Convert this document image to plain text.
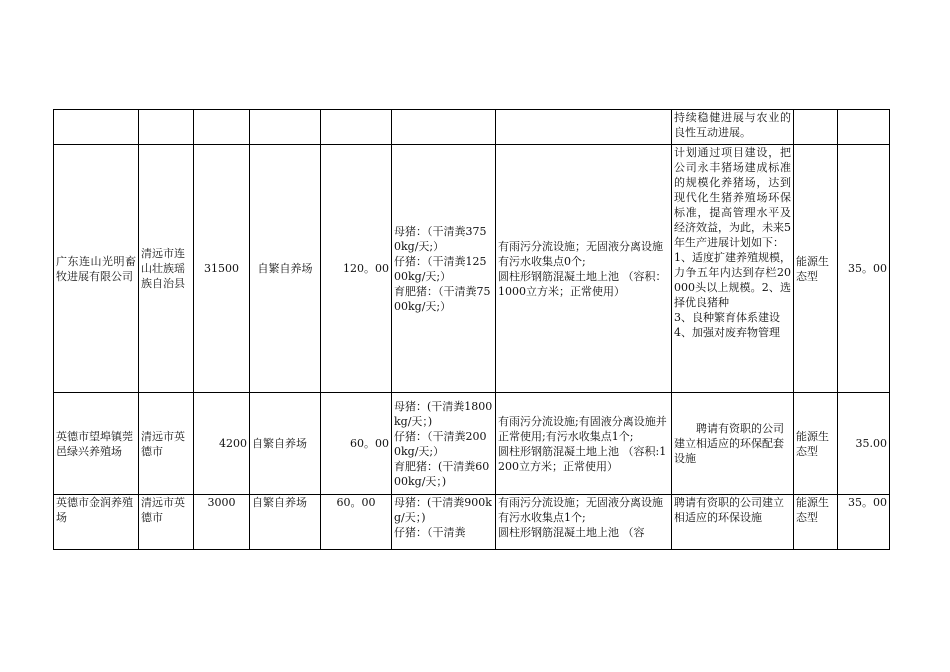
							持续稳健进展与农业的良性互动进展。		
广东连山光明畜牧进展有限公司	清远市连山壮族瑶族自治县	31500	自繁自养场	120。00	母猪：（干清粪3750kg/天;）
仔猪：（干清粪12500kg/天;）
育肥猪：（干清粪7500kg/天;）	有雨污分流设施；无固液分离设施有污水收集点0个;
圆柱形钢筋混凝土地上池 （容积：1000立方米；正常使用）	计划通过项目建设，把公司永丰猪场建成标准的规模化养猪场，达到现代化生猪养殖场环保标准，提高管理水平及经济效益，为此，未来5年生产进展计划如下：
1、适度扩建养殖规模，力争五年内达到存栏20000头以上规模。2、选择优良猪种
3、良种繁育体系建设
4、加强对废弃物管理	能源生态型	35。00
英德市望埠镇莞邑绿兴养殖场	清远市英德市	4200	自繁自养场	60。00	母猪：(干清粪1800kg/天；)
仔猪：（干清粪2000kg/天;）
育肥猪：(干清粪6000kg/天；)	有雨污分流设施;有固液分离设施并正常使用;有污水收集点1个;
圆柱形钢筋混凝土地上池 （容积:1200立方米；正常使用）	聘请有资职的公司建立相适应的环保配套设施	能源生态型	35.00
英德市金润养殖场	清远市英德市	3000	自繁自养场	60。00	母猪：(干清粪900kg/天；)
仔猪：（干清粪	有雨污分流设施；无固液分离设施有污水收集点1个;
圆柱形钢筋混凝土地上池 （容	聘请有资职的公司建立相适应的环保设施	能源生态型	35。00
